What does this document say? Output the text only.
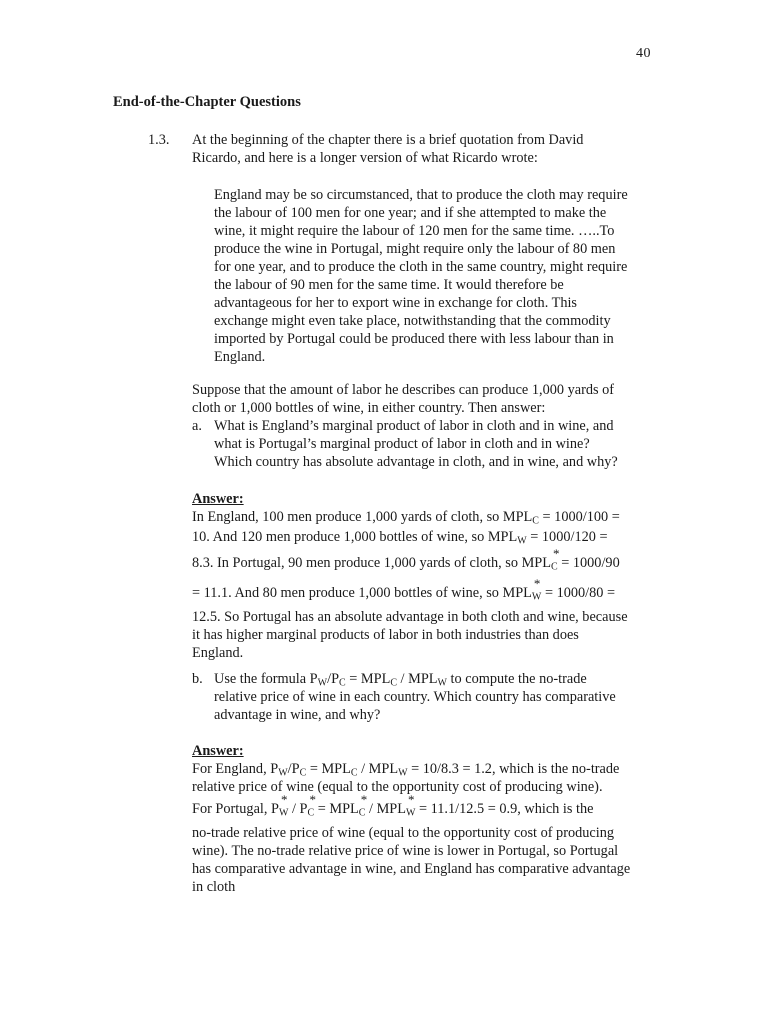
40
End-of-the-Chapter Questions
1.3. At the beginning of the chapter there is a brief quotation from David
Ricardo, and here is a longer version of what Ricardo wrote:
England may be so circumstanced, that to produce the cloth may require
the labour of 100 men for one year; and if she attempted to make the
wine, it might require the labour of 120 men for the same time. …..To
produce the wine in Portugal, might require only the labour of 80 men
for one year, and to produce the cloth in the same country, might require
the labour of 90 men for the same time. It would therefore be
advantageous for her to export wine in exchange for cloth. This
exchange might even take place, notwithstanding that the commodity
imported by Portugal could be produced there with less labour than in
England.
Suppose that the amount of labor he describes can produce 1,000 yards of
cloth or 1,000 bottles of wine, in either country. Then answer:
a. What is England’s marginal product of labor in cloth and in wine, and
what is Portugal’s marginal product of labor in cloth and in wine?
Which country has absolute advantage in cloth, and in wine, and why?
Answer:
In England, 100 men produce 1,000 yards of cloth, so $MPL_C = 1000/100$ =
10. And 120 men produce 1,000 bottles of wine, so $MPL_W = 1000/120$ =
8.3. In Portugal, 90 men produce 1,000 yards of cloth, so MPL
*
$_C$ = 1000/90
= 11.1. And 80 men produce 1,000 bottles of wine, so MPL
*
$_W$ = 1000/80 =
12.5. So Portugal has an absolute advantage in both cloth and wine, because
it has higher marginal products of labor in both industries than does
England.
b. Use the formula $P_W/P_C = MPL_C / MPL_W$ to compute the no-trade
relative price of wine in each country. Which country has comparative
advantage in wine, and why?
Answer:
For England, $P_W/P_C = MPL_C / MPL_W = 10/8.3 = 1.2$, which is the no-trade
relative price of wine (equal to the opportunity cost of producing wine).
For Portugal, P
*
$_W$ / P
*
$_C$ = MPL
*
$_C$ / MPL
*
$_W$ = 11.1/12.5 = 0.9, which is the
no-trade relative price of wine (equal to the opportunity cost of producing
wine). The no-trade relative price of wine is lower in Portugal, so Portugal
has comparative advantage in wine, and England has comparative advantage
in cloth
